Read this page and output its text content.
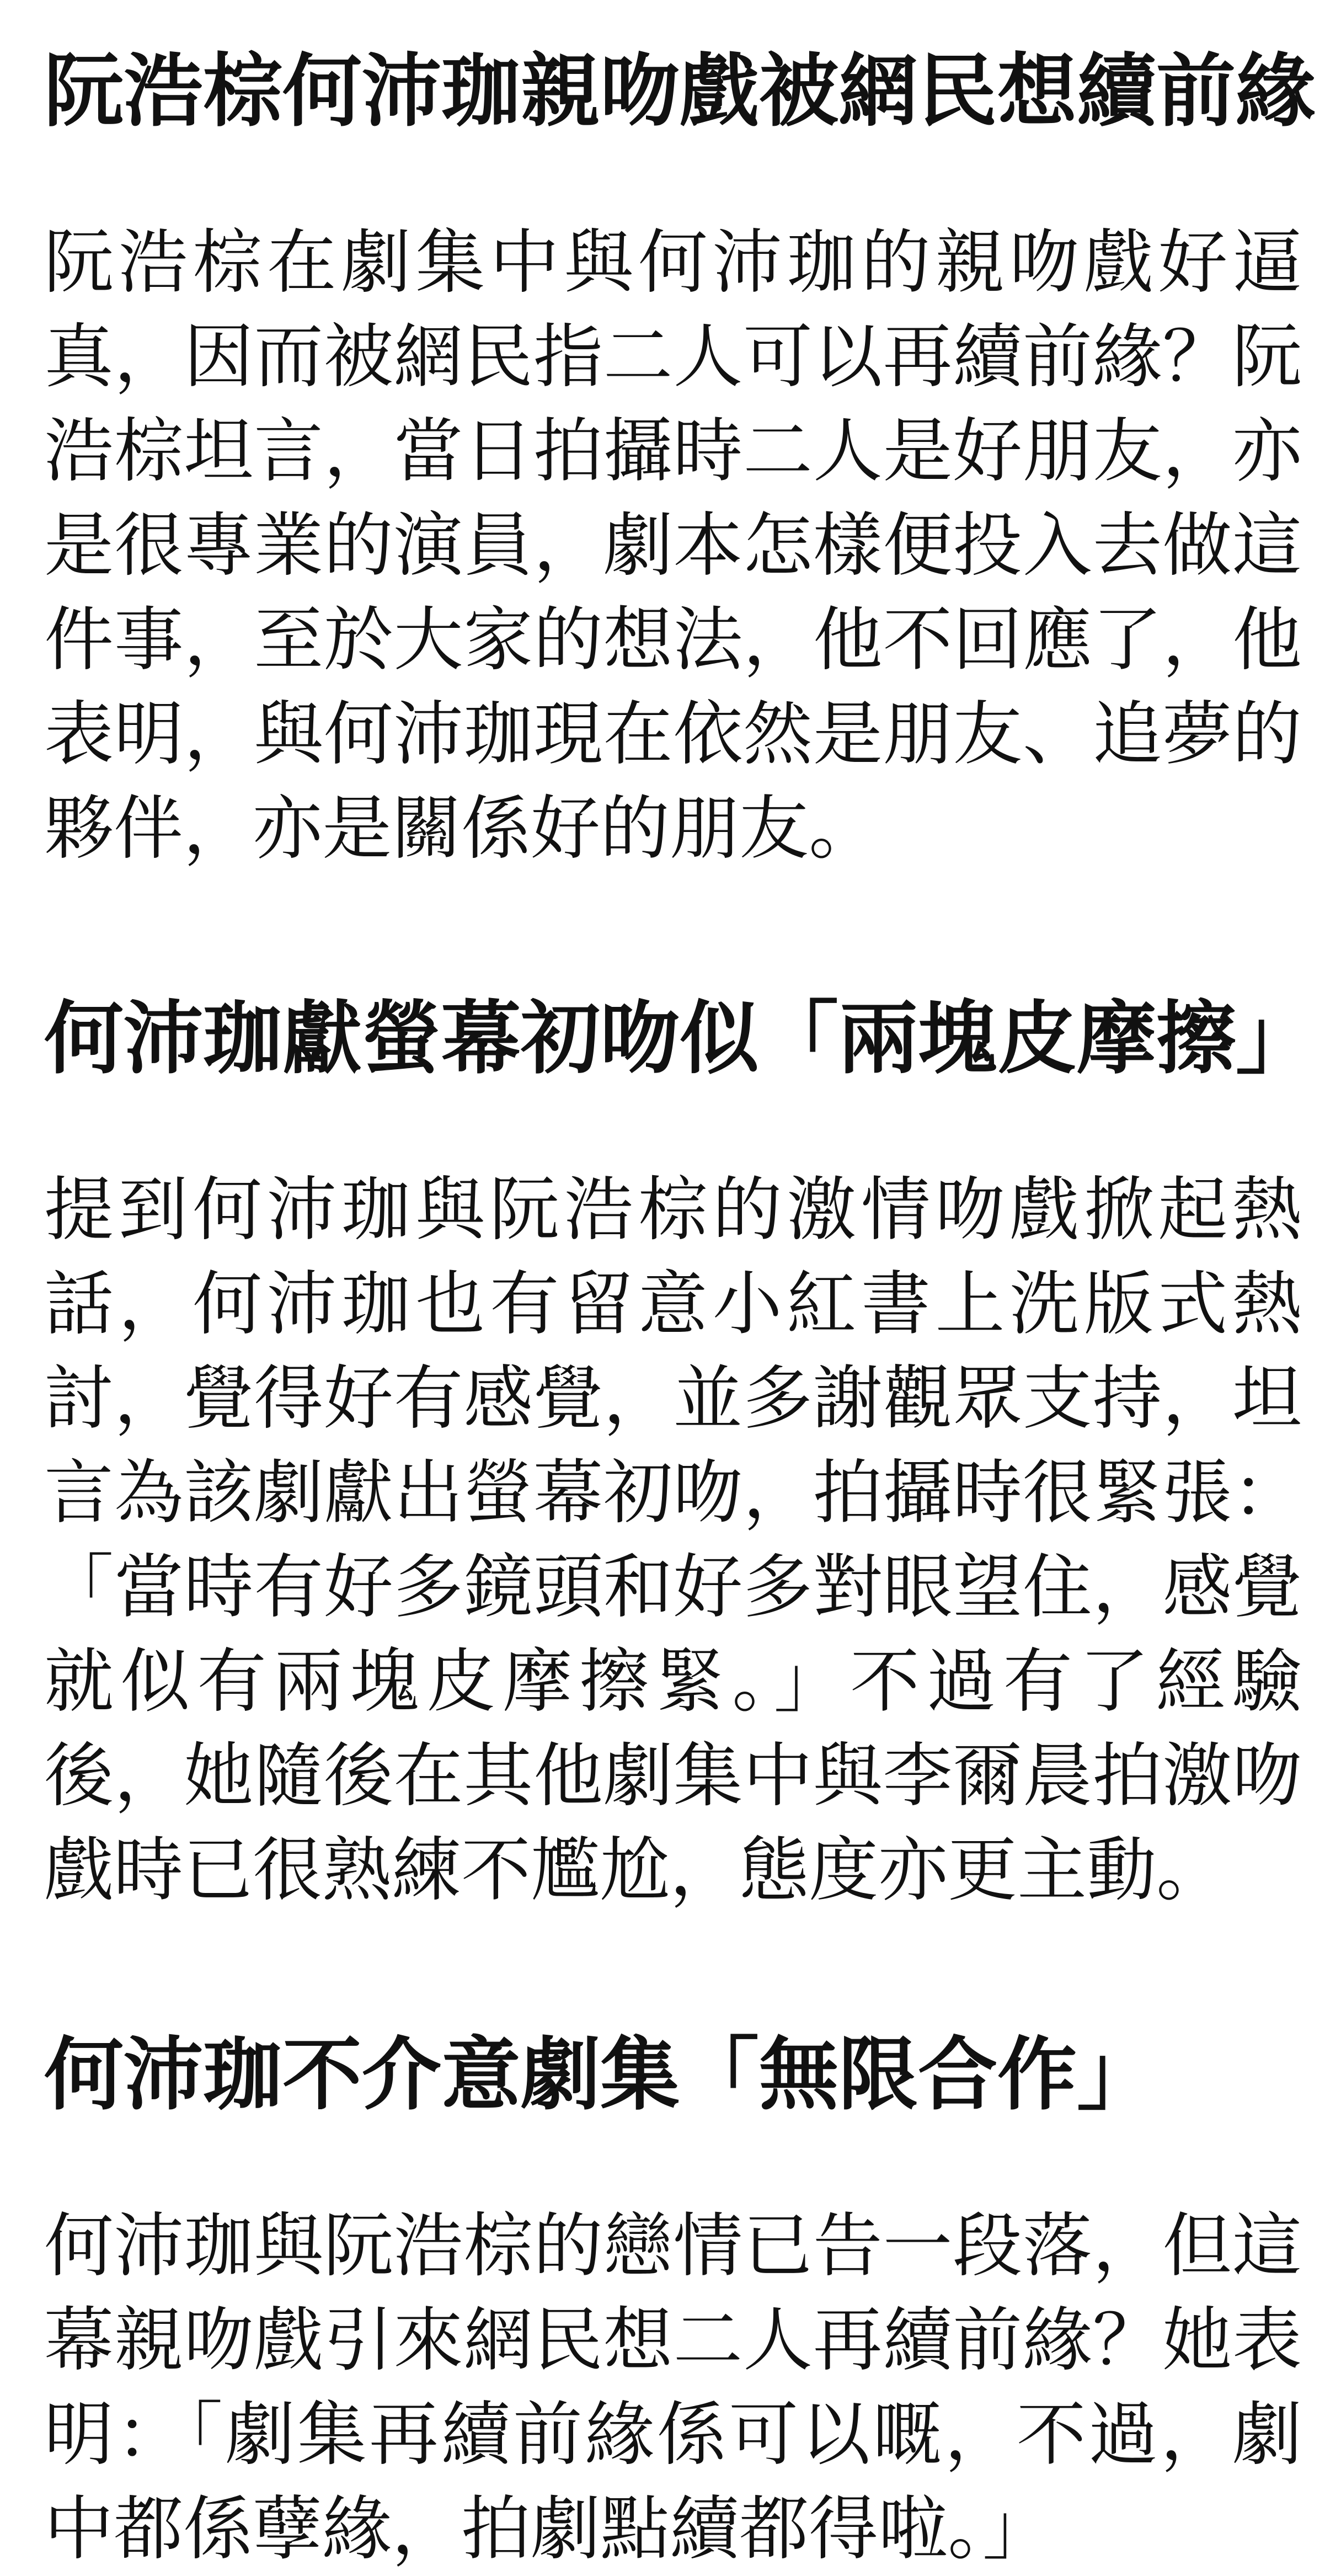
阮浩棕何沛珈親吻戲被網民想續前緣

阮浩棕在劇集中與何沛珈的親吻戲好逼真，因而被網民指二人可以再續前緣？阮浩棕坦言，當日拍攝時二人是好朋友，亦是很專業的演員，劇本怎樣便投入去做這件事，至於大家的想法，他不回應了，他表明，與何沛珈現在依然是朋友、追夢的夥伴，亦是關係好的朋友。

何沛珈獻螢幕初吻似「兩塊皮摩擦」

提到何沛珈與阮浩棕的激情吻戲掀起熱話，何沛珈也有留意小紅書上洗版式熱討，覺得好有感覺，並多謝觀眾支持，坦言為該劇獻出螢幕初吻，拍攝時很緊張：「當時有好多鏡頭和好多對眼望住，感覺就似有兩塊皮摩擦緊。」不過有了經驗後，她隨後在其他劇集中與李爾晨拍激吻戲時已很熟練不尷尬，態度亦更主動。

何沛珈不介意劇集「無限合作」

何沛珈與阮浩棕的戀情已告一段落，但這幕親吻戲引來網民想二人再續前緣？她表明：「劇集再續前緣係可以嘅，不過，劇中都係孽緣，拍劇點續都得啦。」
